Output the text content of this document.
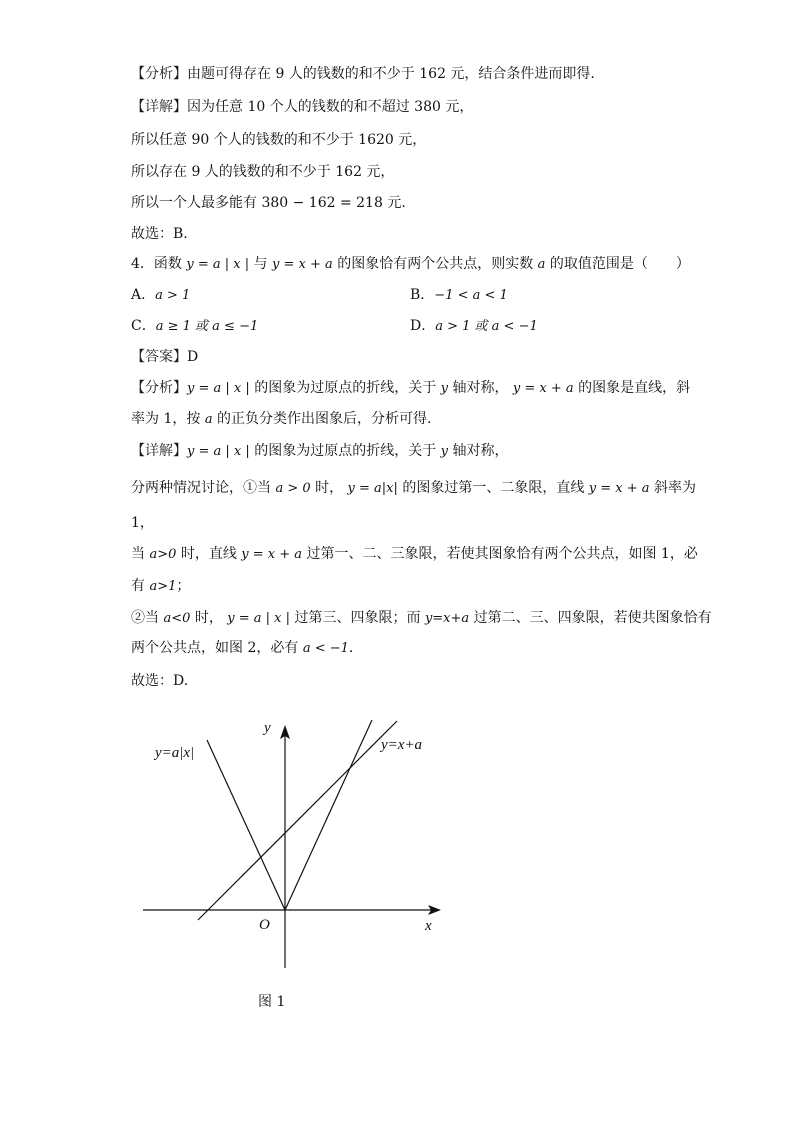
【分析】由题可得存在 9 人的钱数的和不少于 162 元，结合条件进而即得.
【详解】因为任意 10 个人的钱数的和不超过 380 元，
所以任意 90 个人的钱数的和不少于 1620 元，
所以存在 9 人的钱数的和不少于 162 元，
所以一个人最多能有 380 − 162 = 218 元.
故选：B.
4．函数 y = a | x | 与 y = x + a 的图象恰有两个公共点，则实数 a 的取值范围是（　　）
A．a > 1	B．−1 < a < 1
C．a ≥ 1 或 a ≤ −1	D．a > 1 或 a < −1
【答案】D
【分析】y = a | x | 的图象为过原点的折线，关于 y 轴对称， y = x + a 的图象是直线，斜
率为 1，按 a 的正负分类作出图象后，分析可得.
【详解】y = a | x | 的图象为过原点的折线，关于 y 轴对称，
分两种情况讨论，①当 a > 0 时， y = a|x| 的图象过第一、二象限，直线 y = x + a 斜率为
1，
当 a>0 时，直线 y = x + a 过第一、二、三象限，若使其图象恰有两个公共点，如图 1，必
有 a>1；
②当 a<0 时， y = a | x | 过第三、四象限；而 y=x+a 过第二、三、四象限，若使共图象恰有
两个公共点，如图 2，必有 a < −1.
故选：D.
y
x
O
y=a|x|	y=x+a
图 1
